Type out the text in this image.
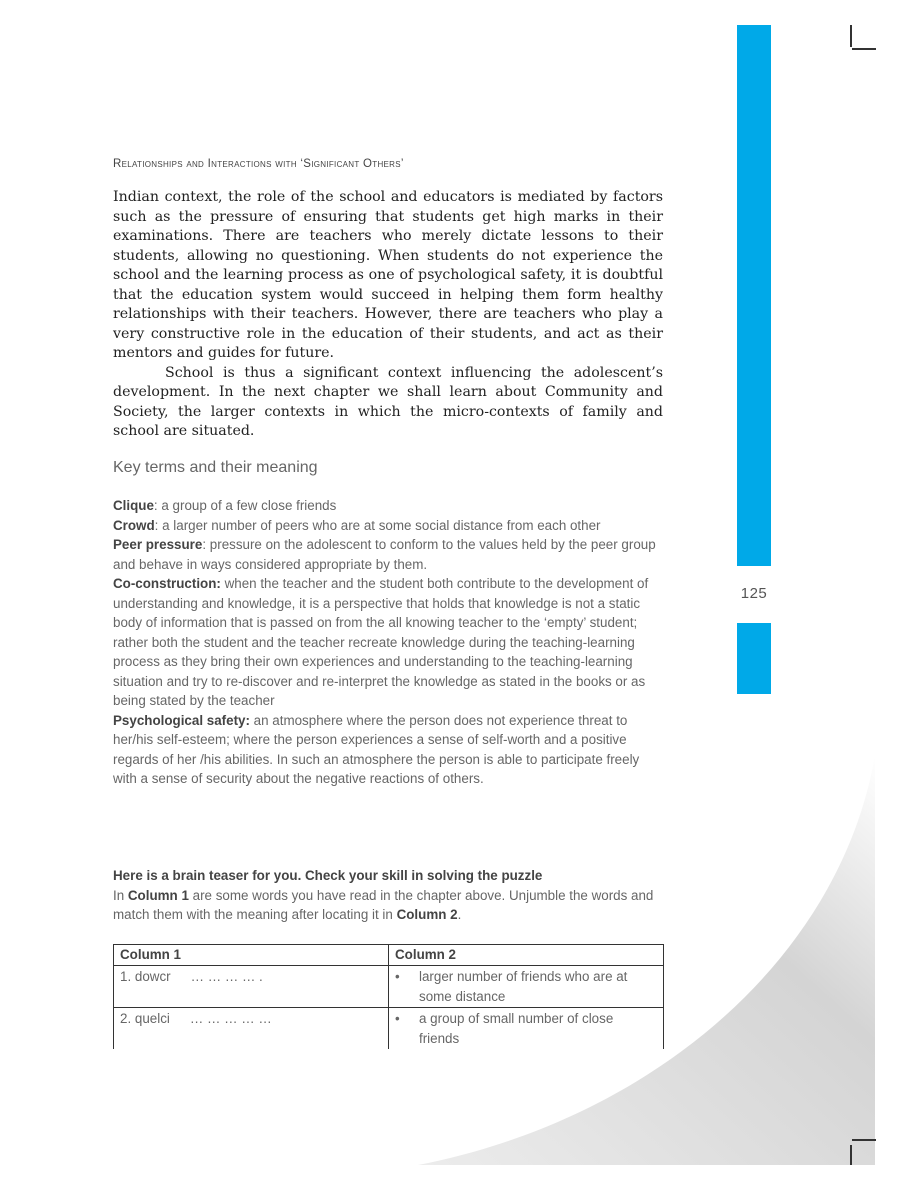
125
Relationships and Interactions with ‘Significant Others’

Indian context, the role of the school and educators is mediated by factors such as the pressure of ensuring that students get high marks in their examinations. There are teachers who merely dictate lessons to their students, allowing no questioning. When students do not experience the school and the learning process as one of psychological safety, it is doubtful that the education system would succeed in helping them form healthy relationships with their teachers. However, there are teachers who play a very constructive role in the education of their students, and act as their mentors and guides for future.

School is thus a significant context influencing the adolescent’s development. In the next chapter we shall learn about Community and Society, the larger contexts in which the micro-contexts of family and school are situated.

Key terms and their meaning

Clique: a group of a few close friends

Crowd: a larger number of peers who are at some social distance from each other

Peer pressure: pressure on the adolescent to conform to the values held by the peer group and behave in ways considered appropriate by them.

Co-construction: when the teacher and the student both contribute to the development of understanding and knowledge, it is a perspective that holds that knowledge is not a static body of information that is passed on from the all knowing teacher to the ‘empty’ student; rather both the student and the teacher recreate knowledge during the teaching-learning process as they bring their own experiences and understanding to the teaching-learning situation and try to re-discover and re-interpret the knowledge as stated in the books or as being stated by the teacher

Psychological safety: an atmosphere where the person does not experience threat to her/his self-esteem; where the person experiences a sense of self-worth and a positive regards of her /his abilities. In such an atmosphere the person is able to participate freely with a sense of security about the negative reactions of others.

Here is a brain teaser for you. Check your skill in solving the puzzle

In Column 1 are some words you have read in the chapter above. Unjumble the words and match them with the meaning after locating it in Column 2.

Column 1	Column 2
1. dowcr … … … … .	• larger number of friends who are at some distance

2. quelci … … … … …	• a group of small number of close friends
